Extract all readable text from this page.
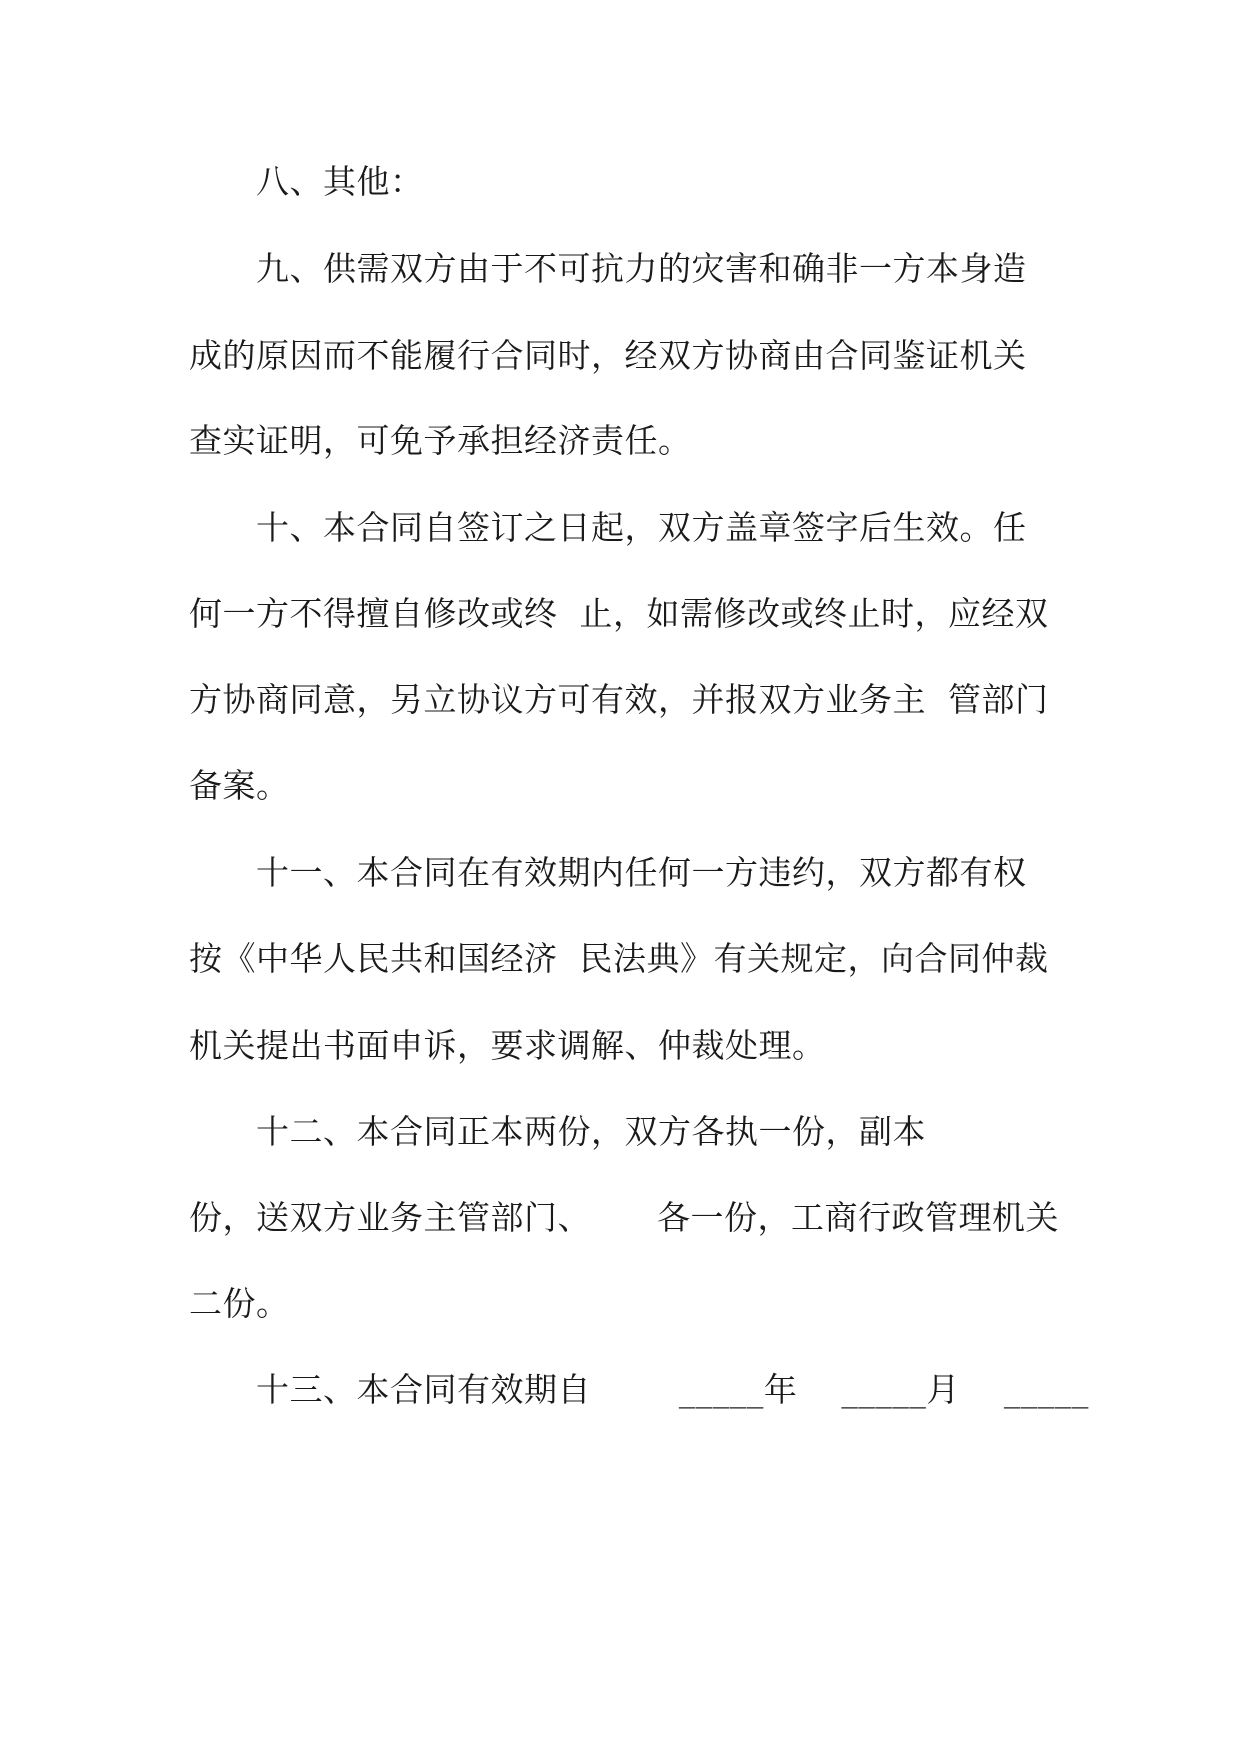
八、其他：
九、供需双方由于不可抗力的灾害和确非一方本身造
成的原因而不能履行合同时，经双方协商由合同鉴证机关
查实证明，可免予承担经济责任。
十、本合同自签订之日起，双方盖章签字后生效。任
何一方不得擅自修改或终  止，如需修改或终止时，应经双
方协商同意，另立协议方可有效，并报双方业务主  管部门
备案。
十一、本合同在有效期内任何一方违约，双方都有权
按《中华人民共和国经济  民法典》有关规定，向合同仲裁
机关提出书面申诉，要求调解、仲裁处理。
十二、本合同正本两份，双方各执一份，副本
份，送双方业务主管部门、      各一份，工商行政管理机关
二份。
十三、本合同有效期自        _____年    _____月    _____
